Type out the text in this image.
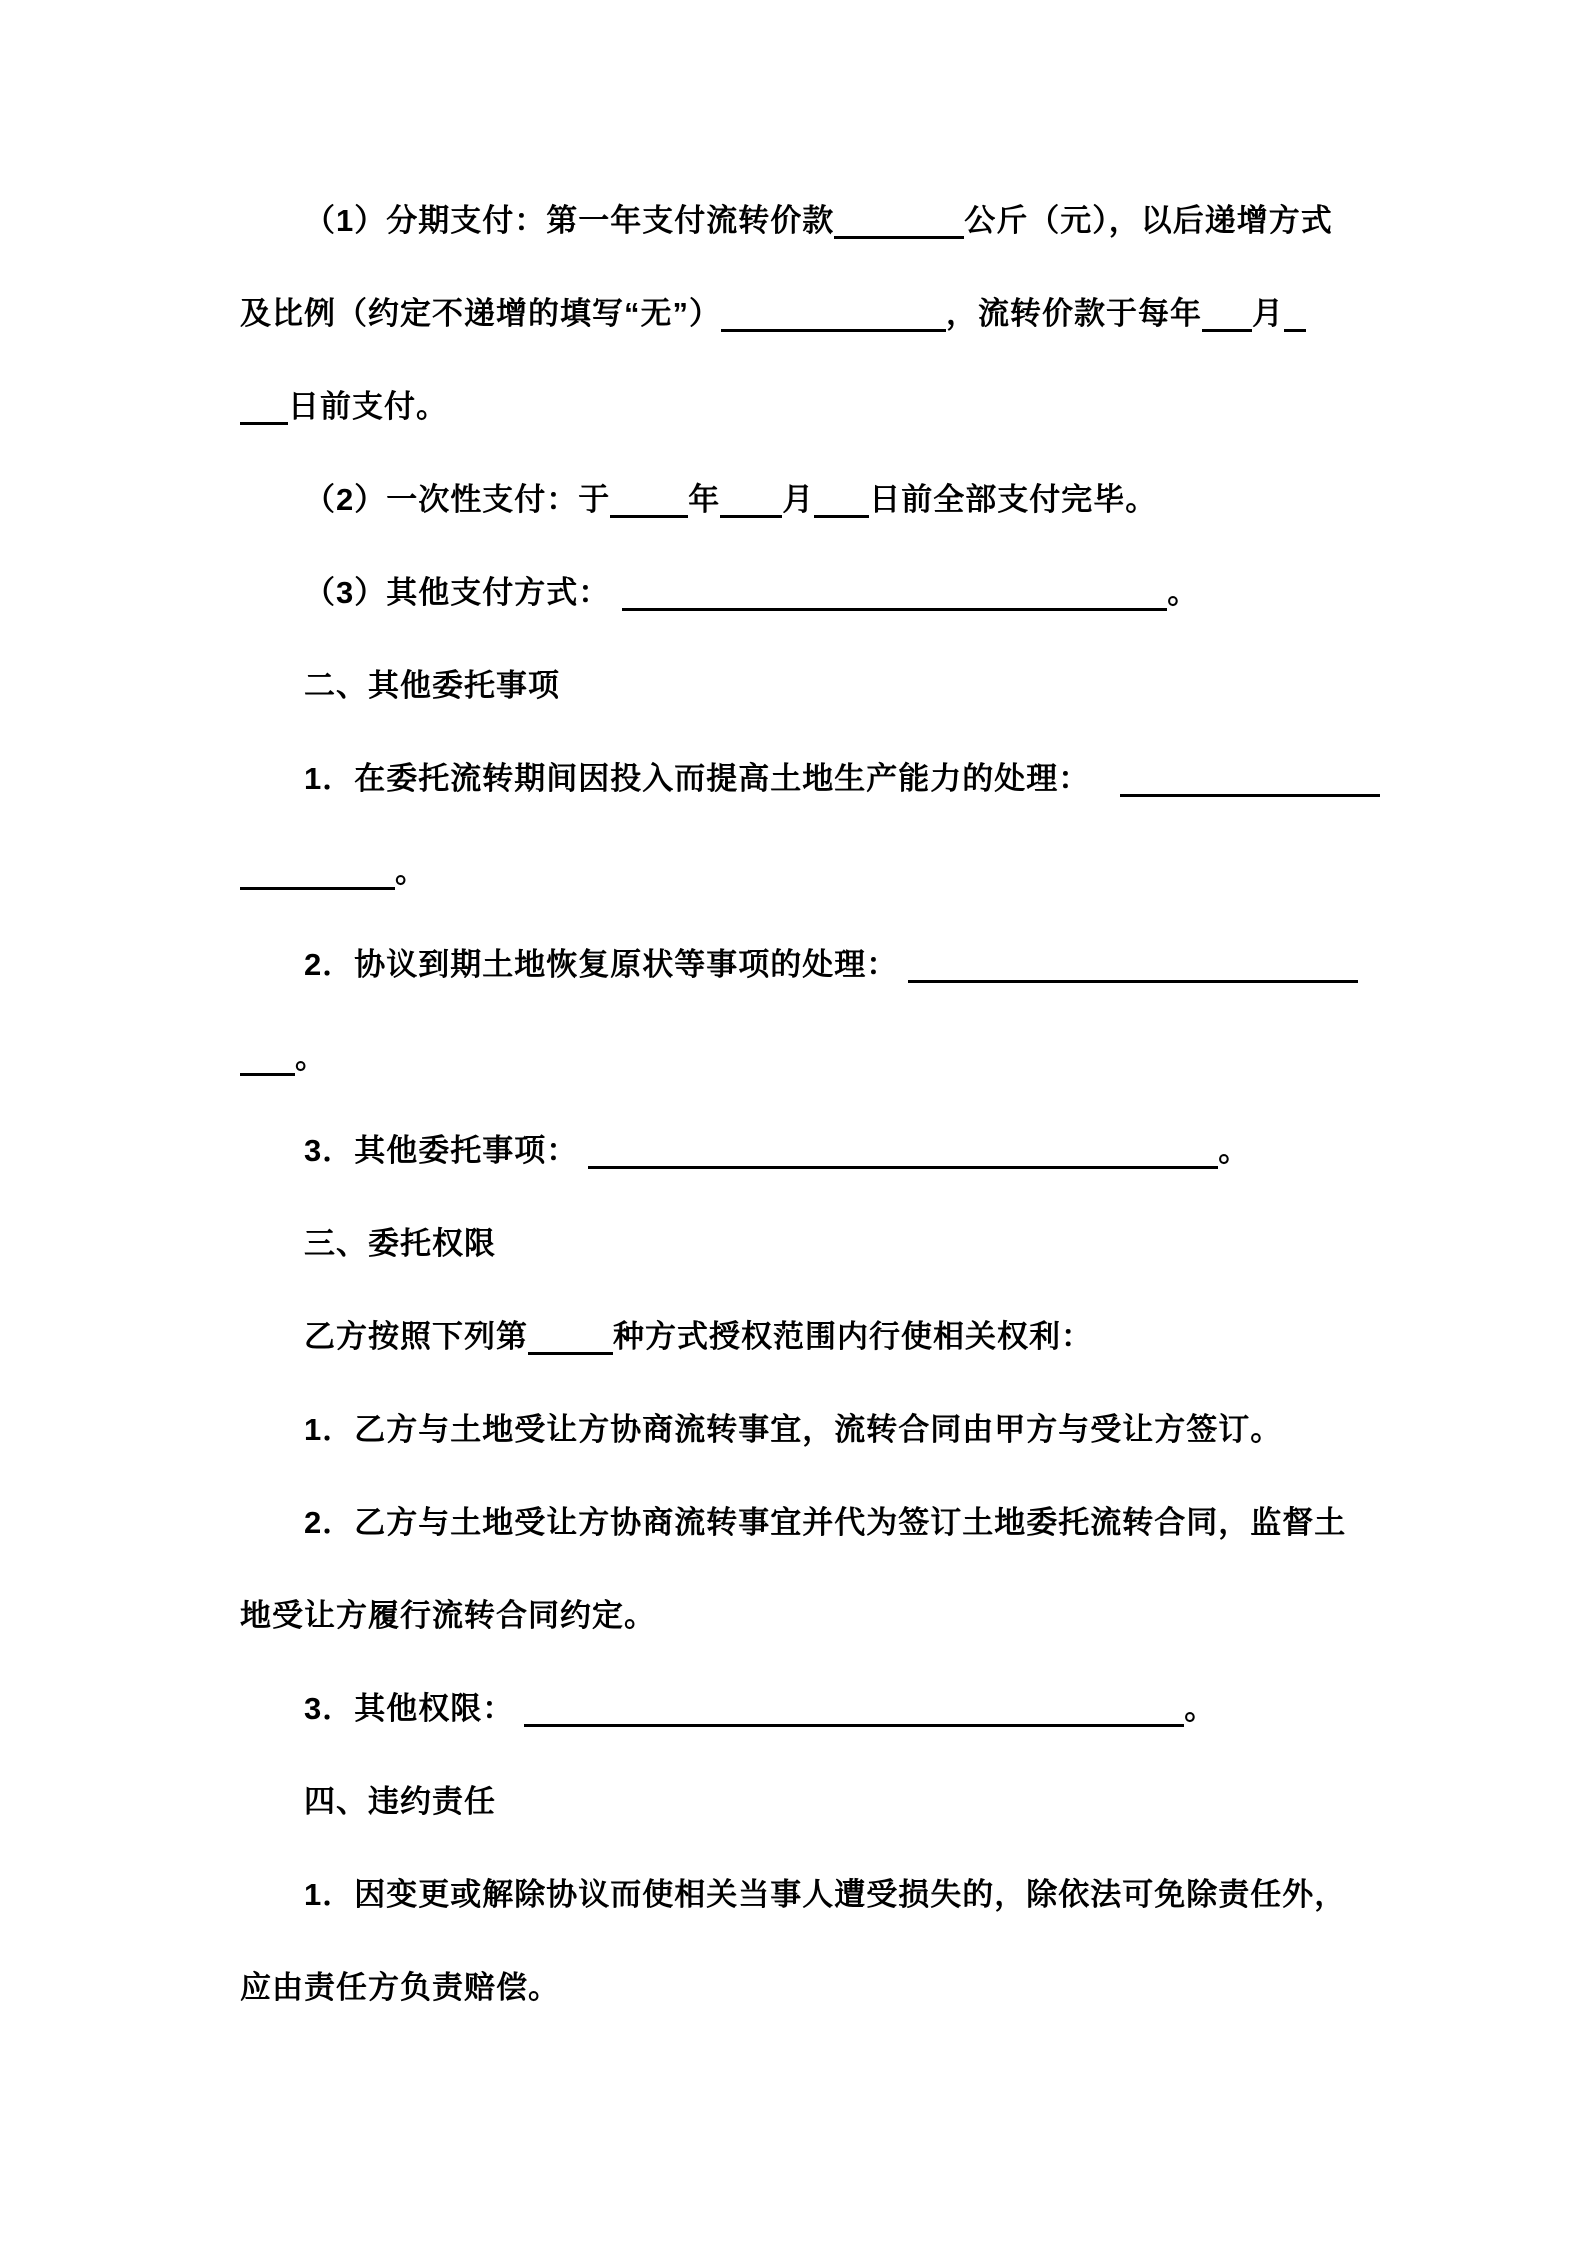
（1）分期支付：第一年支付流转价款	公斤（元），以后递增方式

及比例（约定不递增的填写“无”）	，流转价款于每年 月

日前支付。

（2）一次性支付：于	年 月 日前全部支付完毕。

（3）其他支付方式：	。

二、其他委托事项

1．在委托流转期间因投入而提高土地生产能力的处理：

。

2．协议到期土地恢复原状等事项的处理：

。

3．其他委托事项：	。

三、委托权限

乙方按照下列第	种方式授权范围内行使相关权利：

1．乙方与土地受让方协商流转事宜，流转合同由甲方与受让方签订。

2．乙方与土地受让方协商流转事宜并代为签订土地委托流转合同，监督土

地受让方履行流转合同约定。

3．其他权限：	。

四、违约责任

1．因变更或解除协议而使相关当事人遭受损失的，除依法可免除责任外，

应由责任方负责赔偿。
